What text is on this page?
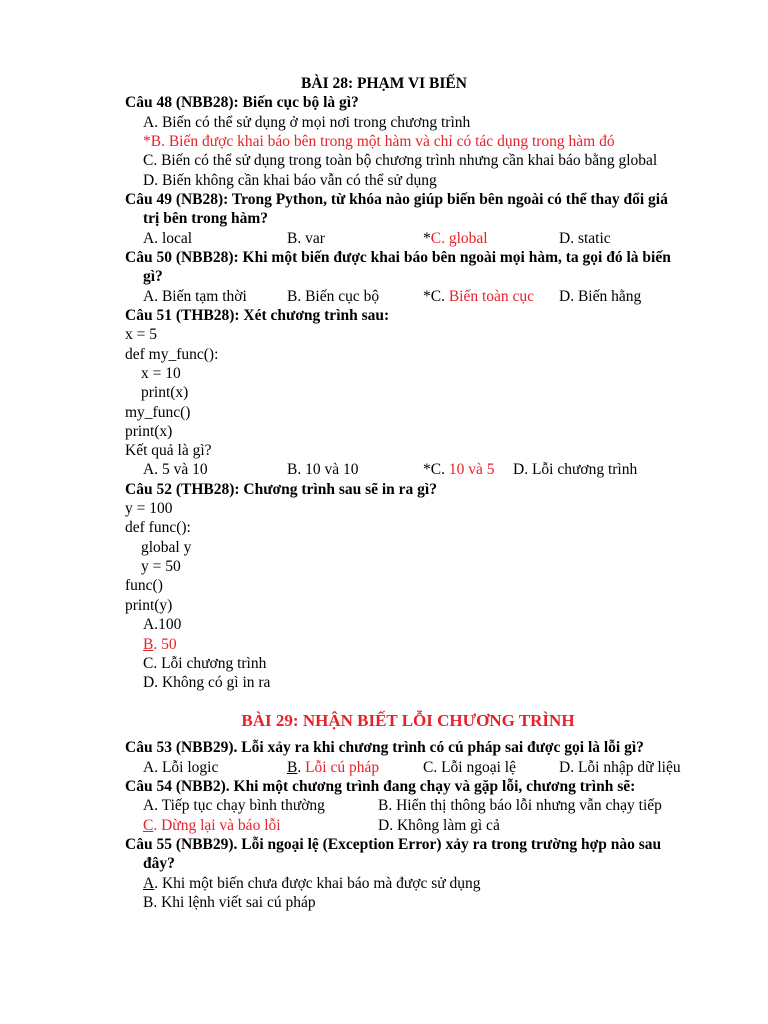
BÀI 28: PHẠM VI BIẾN
Câu 48 (NBB28): Biến cục bộ là gì?
A. Biến có thể sử dụng ở mọi nơi trong chương trình
*B. Biến được khai báo bên trong một hàm và chỉ có tác dụng trong hàm đó
C. Biến có thể sử dụng trong toàn bộ chương trình nhưng cần khai báo bằng global
D. Biến không cần khai báo vẫn có thể sử dụng
Câu 49 (NB28): Trong Python, từ khóa nào giúp biến bên ngoài có thể thay đổi giá
trị bên trong hàm?
A. local	B. var	*C. global	D. static
Câu 50 (NBB28): Khi một biến được khai báo bên ngoài mọi hàm, ta gọi đó là biến
gì?
A. Biến tạm thời	B. Biến cục bộ	*C. Biến toàn cục D. Biến hằng
Câu 51 (THB28): Xét chương trình sau:
x = 5
def my_func():
x = 10
print(x)
my_func()
print(x)
Kết quả là gì?
A. 5 và 10	B. 10 và 10	*C. 10 và 5 D. Lỗi chương trình
Câu 52 (THB28): Chương trình sau sẽ in ra gì?
y = 100
def func():
global y
y = 50
func()
print(y)
A.100
B. 50
C. Lỗi chương trình
D. Không có gì in ra
BÀI 29: NHẬN BIẾT LỖI CHƯƠNG TRÌNH
Câu 53 (NBB29). Lỗi xảy ra khi chương trình có cú pháp sai được gọi là lỗi gì?
A. Lỗi logic	B. Lỗi cú pháp	C. Lỗi ngoại lệ	D. Lỗi nhập dữ liệu
Câu 54 (NBB2). Khi một chương trình đang chạy và gặp lỗi, chương trình sẽ:
A. Tiếp tục chạy bình thường	B. Hiển thị thông báo lỗi nhưng vẫn chạy tiếp
C. Dừng lại và báo lỗi	D. Không làm gì cả
Câu 55 (NBB29). Lỗi ngoại lệ (Exception Error) xảy ra trong trường hợp nào sau
đây?
A. Khi một biến chưa được khai báo mà được sử dụng
B. Khi lệnh viết sai cú pháp
